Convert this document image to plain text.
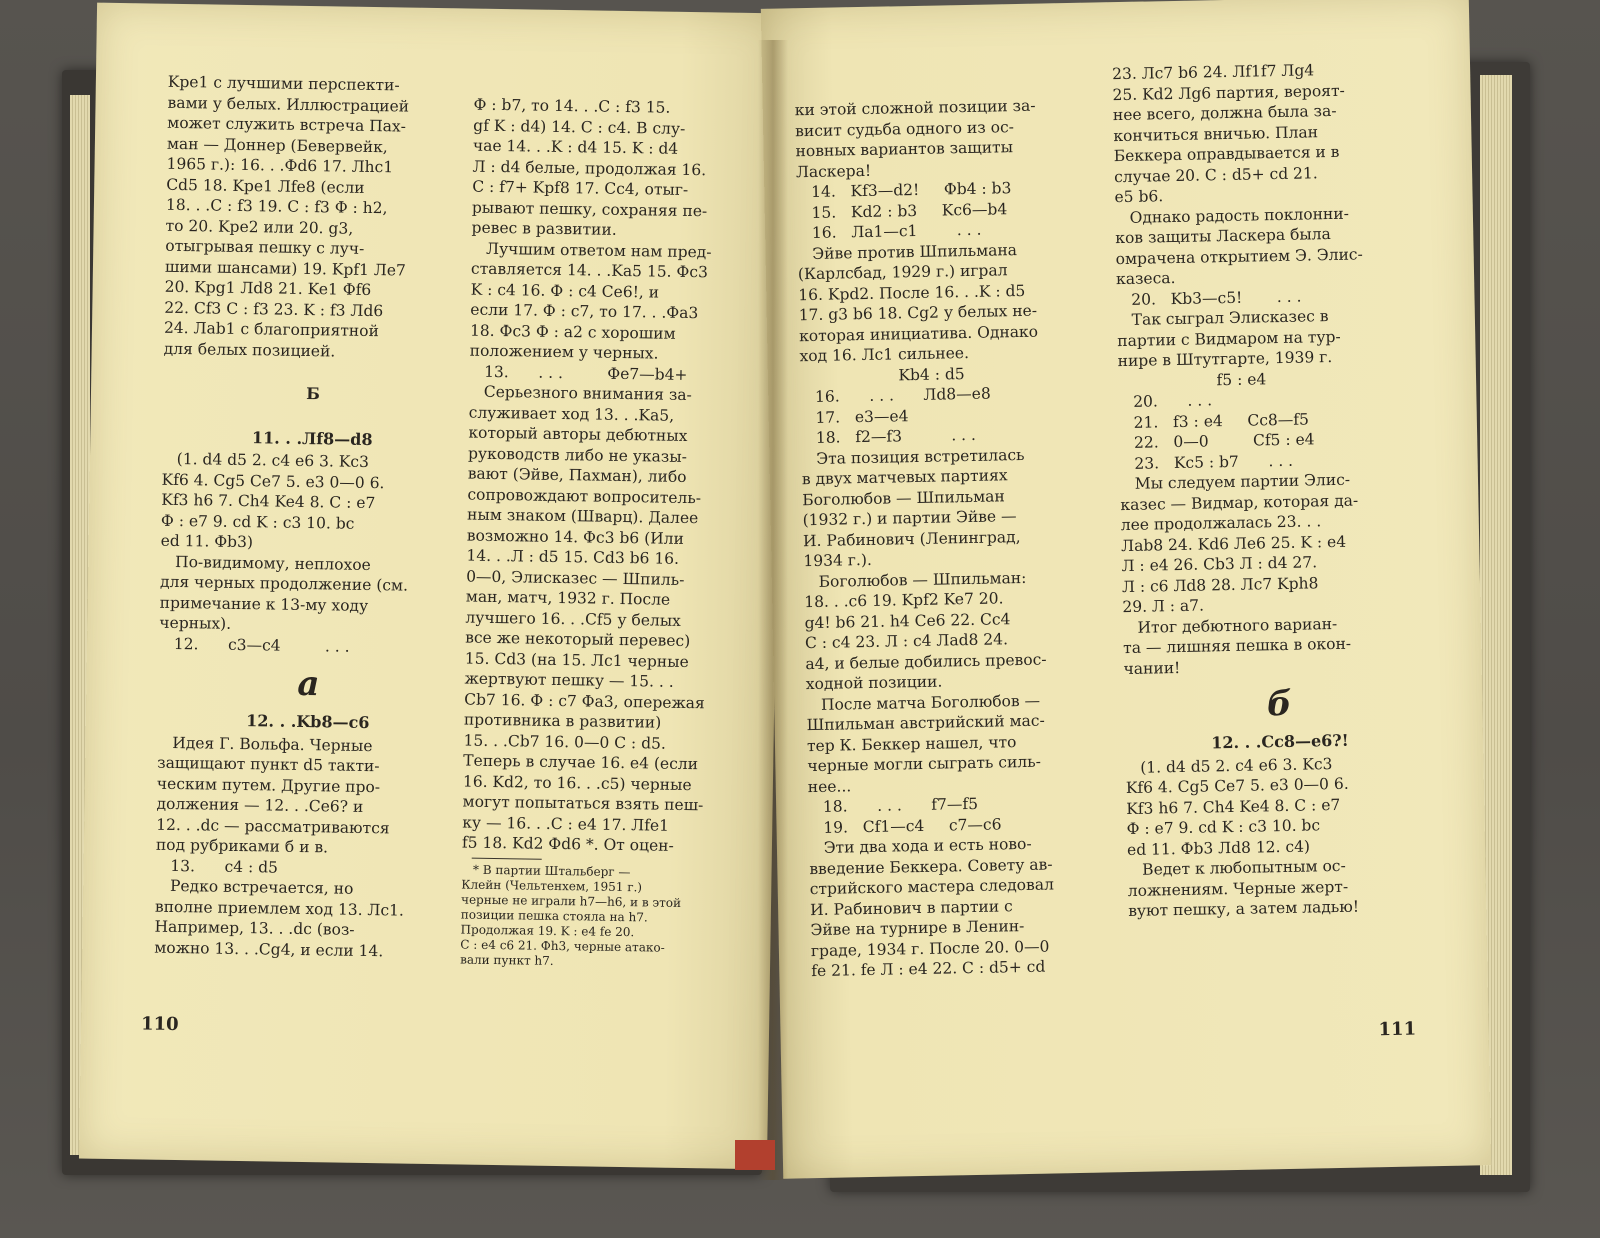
Kpe1 с лучшими перспекти-

вами у белых. Иллюстрацией

может служить встреча Пах-

ман — Доннер (Бевервейк,

1965 г.): 16. . .Фd6 17. Лhc1

Cd5 18. Kpe1 Лfe8 (если

18. . .С : f3 19. С : f3 Ф : h2,

то 20. Kpe2 или 20. g3,

отыгрывая пешку с луч-

шими шансами) 19. Kpf1 Ле7

20. Kpg1 Лd8 21. Ke1 Фf6

22. Cf3 C : f3 23. K : f3 Лd6

24. Лab1 с благоприятной

для белых позицией.

Б

11. . .Лf8—d8

(1. d4 d5 2. c4 e6 3. Kc3

Kf6 4. Cg5 Ce7 5. e3 0—0 6.

Kf3 h6 7. Ch4 Ke4 8. C : e7

Ф : e7 9. cd K : c3 10. bc

ed 11. Фb3)

По-видимому, неплохое

для черных продолжение (см.

примечание к 13-му ходу

черных).

12.      c3—c4         . . .

a

12. . .Kb8—c6

Идея Г. Вольфа. Черные

защищают пункт d5 такти-

ческим путем. Другие про-

должения — 12. . .Ce6? и

12. . .dc — рассматриваются

под рубриками б и в.

13.      c4 : d5

Редко встречается, но

вполне приемлем ход 13. Лс1.

Например, 13. . .dc (воз-

можно 13. . .Cg4, и если 14.

Ф : b7, то 14. . .C : f3 15.

gf K : d4) 14. C : c4. В слу-

чае 14. . .K : d4 15. K : d4

Л : d4 белые, продолжая 16.

C : f7+ Kpf8 17. Cc4, отыг-

рывают пешку, сохраняя пе-

ревес в развитии.

Лучшим ответом нам пред-

ставляется 14. . .Ka5 15. Фс3

K : c4 16. Ф : c4 Ce6!, и

если 17. Ф : c7, то 17. . .Фa3

18. Фс3 Ф : a2 с хорошим

положением у черных.

13.      . . .         Фe7—b4+

Серьезного внимания за-

служивает ход 13. . .Ka5,

который авторы дебютных

руководств либо не указы-

вают (Эйве, Пахман), либо

сопровождают вопроситель-

ным знаком (Шварц). Далее

возможно 14. Фс3 b6 (Или

14. . .Л : d5 15. Cd3 b6 16.

0—0, Элисказес — Шпиль-

ман, матч, 1932 г. После

лучшего 16. . .Cf5 у белых

все же некоторый перевес)

15. Cd3 (на 15. Лс1 черные

жертвуют пешку — 15. . .

Cb7 16. Ф : c7 Фa3, опережая

противника в развитии)

15. . .Cb7 16. 0—0 C : d5.

Теперь в случае 16. e4 (если

16. Kd2, то 16. . .c5) черные

могут попытаться взять пеш-

ку — 16. . .C : e4 17. Лfe1

f5 18. Kd2 Фd6 *. От оцен-

* В партии Штальберг —

Клейн (Чельтенхем, 1951 г.)

черные не играли h7—h6, и в этой

позиции пешка стояла на h7.

Продолжая 19. K : e4 fe 20.

C : e4 c6 21. Фh3, черные атако-

вали пункт h7.

110

ки этой сложной позиции за-

висит судьба одного из ос-

новных вариантов защиты

Ласкера!

14.   Kf3—d2!     Фb4 : b3

15.   Kd2 : b3     Kc6—b4

16.   Лa1—c1        . . .

Эйве против Шпильмана

(Карлсбад, 1929 г.) играл

16. Kpd2. После 16. . .K : d5

17. g3 b6 18. Cg2 у белых не-

которая инициатива. Однако

ход 16. Лс1 сильнее.

Kb4 : d5

16.      . . .      Лd8—e8

17.   e3—e4

18.   f2—f3          . . .

Эта позиция встретилась

в двух матчевых партиях

Боголюбов — Шпильман

(1932 г.) и партии Эйве —

И. Рабинович (Ленинград,

1934 г.).

Боголюбов — Шпильман:

18. . .c6 19. Kpf2 Ke7 20.

g4! b6 21. h4 Ce6 22. Cc4

C : c4 23. Л : c4 Лad8 24.

a4, и белые добились превос-

ходной позиции.

После матча Боголюбов —

Шпильман австрийский мас-

тер К. Беккер нашел, что

черные могли сыграть силь-

нее...

18.      . . .      f7—f5

19.   Cf1—c4     c7—c6

Эти два хода и есть ново-

введение Беккера. Совету ав-

стрийского мастера следовал

И. Рабинович в партии с

Эйве на турнире в Ленин-

граде, 1934 г. После 20. 0—0

fe 21. fe Л : e4 22. C : d5+ cd

23. Лс7 b6 24. Лf1f7 Лg4

25. Kd2 Лg6 партия, вероят-

нее всего, должна была за-

кончиться вничью. План

Беккера оправдывается и в

случае 20. C : d5+ cd 21.

e5 b6.

Однако радость поклонни-

ков защиты Ласкера была

омрачена открытием Э. Элис-

казеса.

20.   Kb3—c5!       . . .

Так сыграл Элисказес в

партии с Видмаром на тур-

нире в Штутгарте, 1939 г.

f5 : e4

20.      . . .

21.   f3 : e4     Cc8—f5

22.   0—0         Cf5 : e4

23.   Kc5 : b7      . . .

Мы следуем партии Элис-

казес — Видмар, которая да-

лее продолжалась 23. . .

Лab8 24. Kd6 Ле6 25. K : e4

Л : e4 26. Cb3 Л : d4 27.

Л : c6 Лd8 28. Лс7 Kph8

29. Л : a7.

Итог дебютного вариан-

та — лишняя пешка в окон-

чании!

б

12. . .Cc8—e6?!

(1. d4 d5 2. c4 e6 3. Kc3

Kf6 4. Cg5 Ce7 5. e3 0—0 6.

Kf3 h6 7. Ch4 Ke4 8. C : e7

Ф : e7 9. cd K : c3 10. bc

ed 11. Фb3 Лd8 12. c4)

Ведет к любопытным ос-

ложнениям. Черные жерт-

вуют пешку, а затем ладью!

111
